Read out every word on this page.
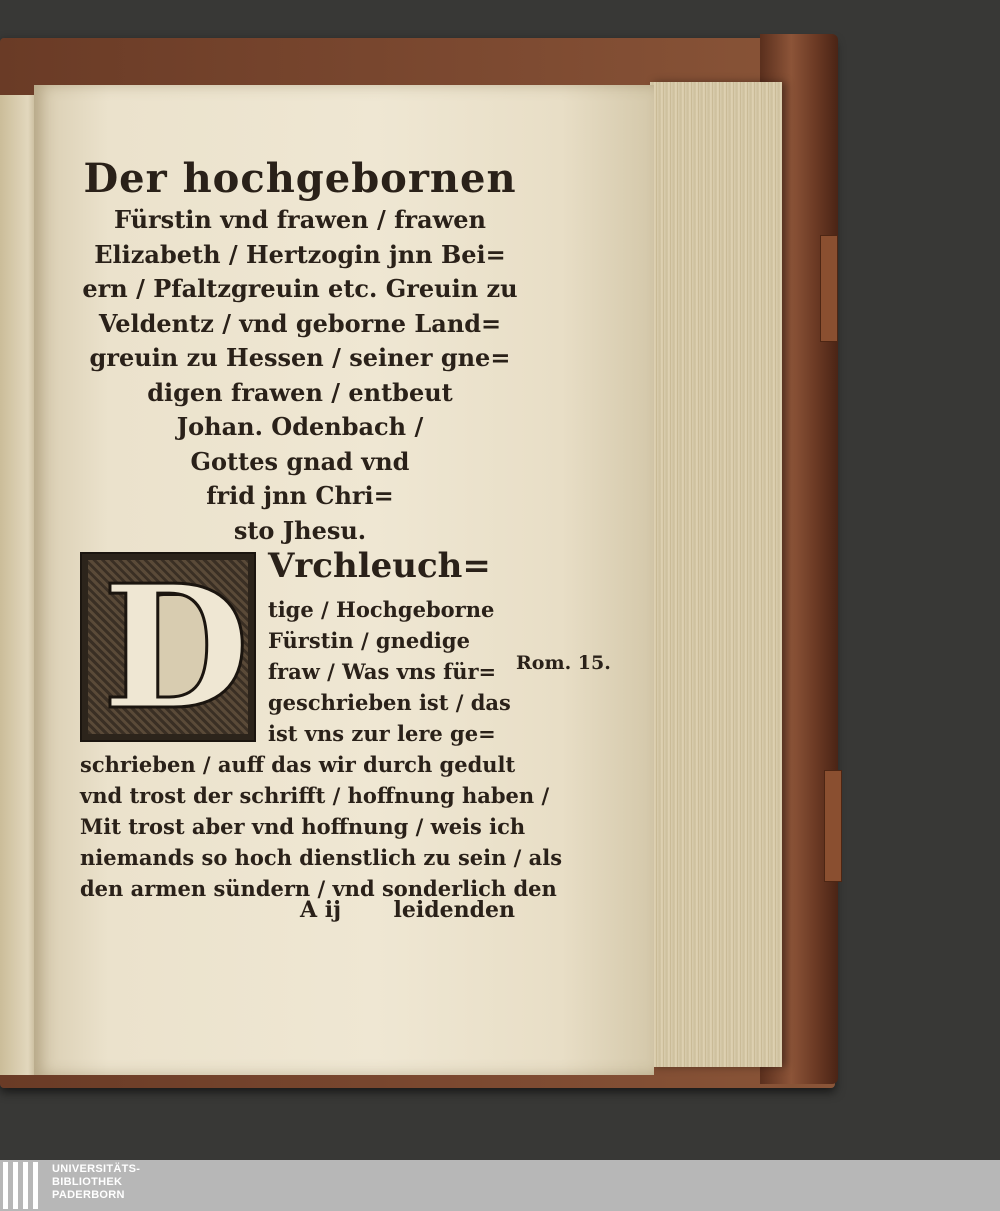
Der hochgebornen
Fürstin vnd frawen / frawen
Elizabeth / Hertzogin jnn Bei=
ern / Pfaltzgreuin etc. Greuin zu
Veldentz / vnd geborne Land=
greuin zu Hessen / seiner gne=
digen frawen / entbeut
Johan. Odenbach /
Gottes gnad vnd
frid jnn Chri=
sto Jhesu.
D Vrchleuch=
tige / Hochgeborne
Fürstin / gnedige
fraw / Was vns für=
geschrieben ist / das
ist vns zur lere ge=
schrieben / auff das wir durch gedult
vnd trost der schrifft / hoffnung haben /
Mit trost aber vnd hoffnung / weis ich
niemands so hoch dienstlich zu sein / als
den armen sündern / vnd sonderlich den
Rom. 15.
A ij leidenden
UNIVERSITÄTS-
BIBLIOTHEK
PADERBORN
